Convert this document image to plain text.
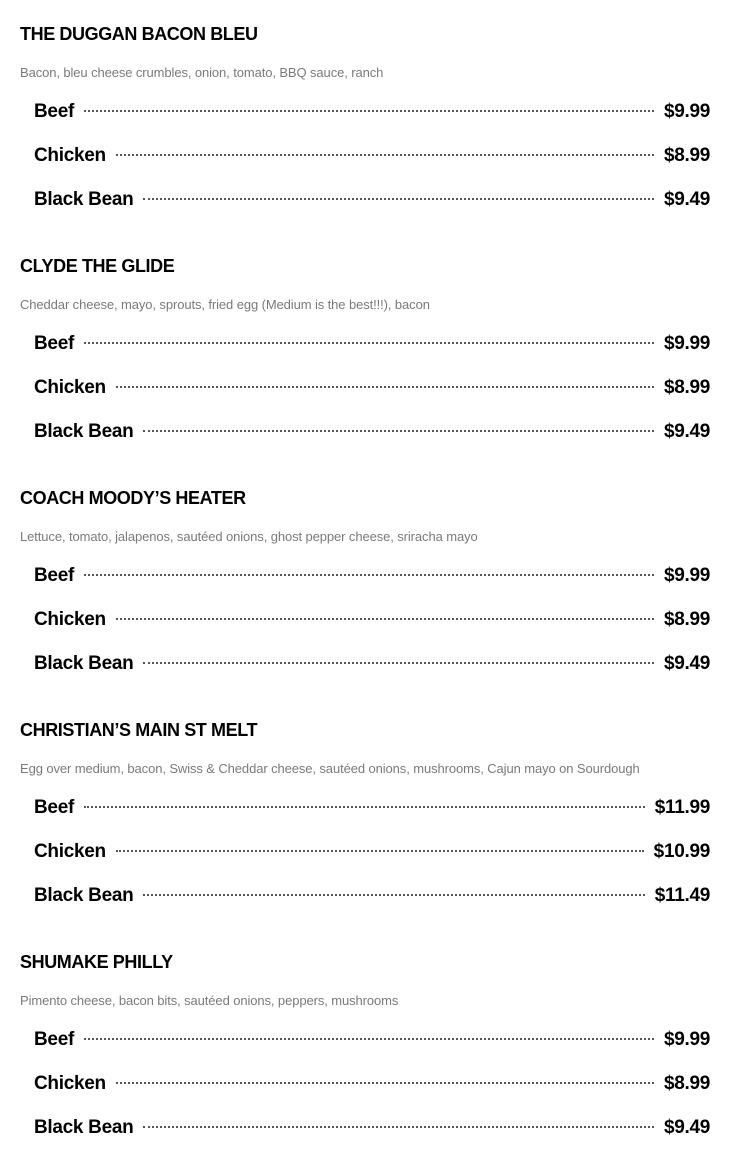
THE DUGGAN BACON BLEU

Bacon, bleu cheese crumbles, onion, tomato, BBQ sauce, ranch

Beef	$9.99
Chicken	$8.99
Black Bean	$9.49
CLYDE THE GLIDE

Cheddar cheese, mayo, sprouts, fried egg (Medium is the best!!!), bacon

Beef	$9.99
Chicken	$8.99
Black Bean	$9.49
COACH MOODY’S HEATER

Lettuce, tomato, jalapenos, sautéed onions, ghost pepper cheese, sriracha mayo

Beef	$9.99
Chicken	$8.99
Black Bean	$9.49
CHRISTIAN’S MAIN ST MELT

Egg over medium, bacon, Swiss & Cheddar cheese, sautéed onions, mushrooms, Cajun mayo on Sourdough

Beef	$11.99
Chicken	$10.99
Black Bean	$11.49
SHUMAKE PHILLY

Pimento cheese, bacon bits, sautéed onions, peppers, mushrooms

Beef	$9.99
Chicken	$8.99
Black Bean	$9.49
